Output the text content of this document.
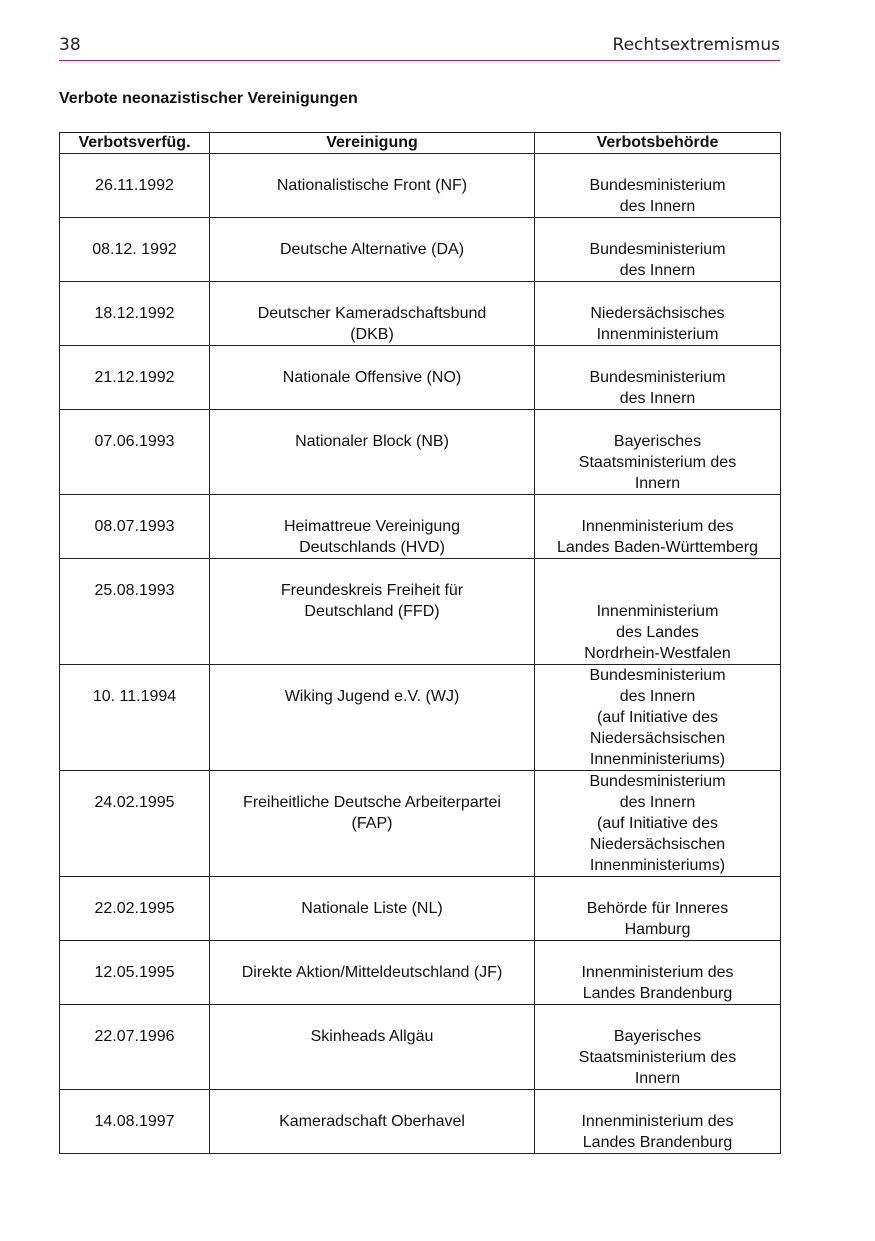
38	Rechtsextremismus
Verbote neonazistischer Vereinigungen
Verbotsverfüg.	Vereinigung	Verbotsbehörde

26.11.1992	Nationalistische Front (NF)	Bundesministerium
des Innern

08.12. 1992	Deutsche Alternative (DA)	Bundesministerium
des Innern

18.12.1992	Deutscher Kameradschaftsbund
(DKB)	Niedersächsisches
Innenministerium

21.12.1992	Nationale Offensive (NO)	Bundesministerium
des Innern

07.06.1993	Nationaler Block (NB)	Bayerisches
Staatsministerium des
Innern

08.07.1993	Heimattreue Vereinigung
Deutschlands (HVD)	Innenministerium des
Landes Baden-Württemberg

25.08.1993	Freundeskreis Freiheit für
Deutschland (FFD)	Innenministerium
des Landes
Nordrhein-Westfalen

10. 11.1994	Wiking Jugend e.V. (WJ)	Bundesministerium
des Innern
(auf Initiative des
Niedersächsischen
Innenministeriums)

24.02.1995	Freiheitliche Deutsche Arbeiterpartei
(FAP)	Bundesministerium
des Innern
(auf Initiative des
Niedersächsischen
Innenministeriums)

22.02.1995	Nationale Liste (NL)	Behörde für Inneres
Hamburg

12.05.1995	Direkte Aktion/Mitteldeutschland (JF)	Innenministerium des
Landes Brandenburg

22.07.1996	Skinheads Allgäu	Bayerisches
Staatsministerium des
Innern

14.08.1997	Kameradschaft Oberhavel	Innenministerium des
Landes Brandenburg
